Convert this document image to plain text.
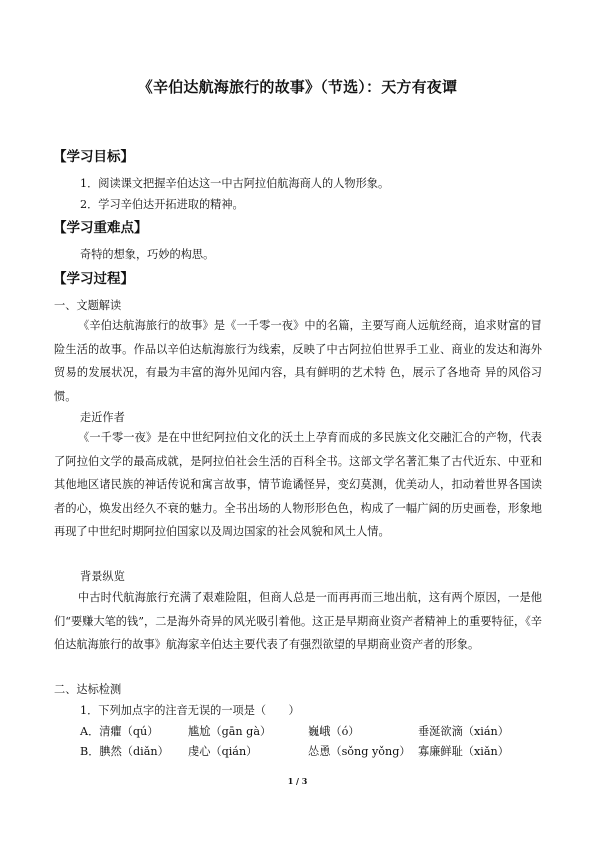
《辛伯达航海旅行的故事》（节选）：天方有夜谭
【学习目标】
1．阅读课文把握辛伯达这一中古阿拉伯航海商人的人物形象。
2．学习辛伯达开拓进取的精神。
【学习重难点】
奇特的想象，巧妙的构思。
【学习过程】
一、文题解读
《辛伯达航海旅行的故事》是《一千零一夜》中的名篇，主要写商人远航经商，追求财富的冒险生活的故事。作品以辛伯达航海旅行为线索，反映了中古阿拉伯世界手工业、商业的发达和海外贸易的发展状况，有最为丰富的海外见闻内容，具有鲜明的艺术特 色，展示了各地奇 异的风俗习惯。
走近作者
《一千零一夜》是在中世纪阿拉伯文化的沃土上孕育而成的多民族文化交融汇合的产物，代表了阿拉伯文学的最高成就，是阿拉伯社会生活的百科全书。这部文学名著汇集了古代近东、中亚和其他地区诸民族的神话传说和寓言故事，情节诡谲怪异，变幻莫测，优美动人，扣动着世界各国读者的心，焕发出经久不衰的魅力。全书出场的人物形形色色，构成了一幅广阔的历史画卷，形象地再现了中世纪时期阿拉伯国家以及周边国家的社会风貌和风土人情。
背景纵览
中古时代航海旅行充满了艰难险阻，但商人总是一而再再而三地出航，这有两个原因，一是他们“要赚大笔的钱”，二是海外奇异的风光吸引着他。这正是早期商业资产者精神上的重要特征，《辛伯达航海旅行的故事》航海家辛伯达主要代表了有强烈欲望的早期商业资产者的形象。
二、达标检测
1．下列加点字的注音无误的一项是（　　）
A．清癯（qú）	尴尬（gān gà）	巍峨（ó）	垂涎欲滴（xián）
B．腆然（diǎn） 虔心（qián）	怂恿（sǒng yǒng） 寡廉鲜耻（xiǎn）
1 / 3
